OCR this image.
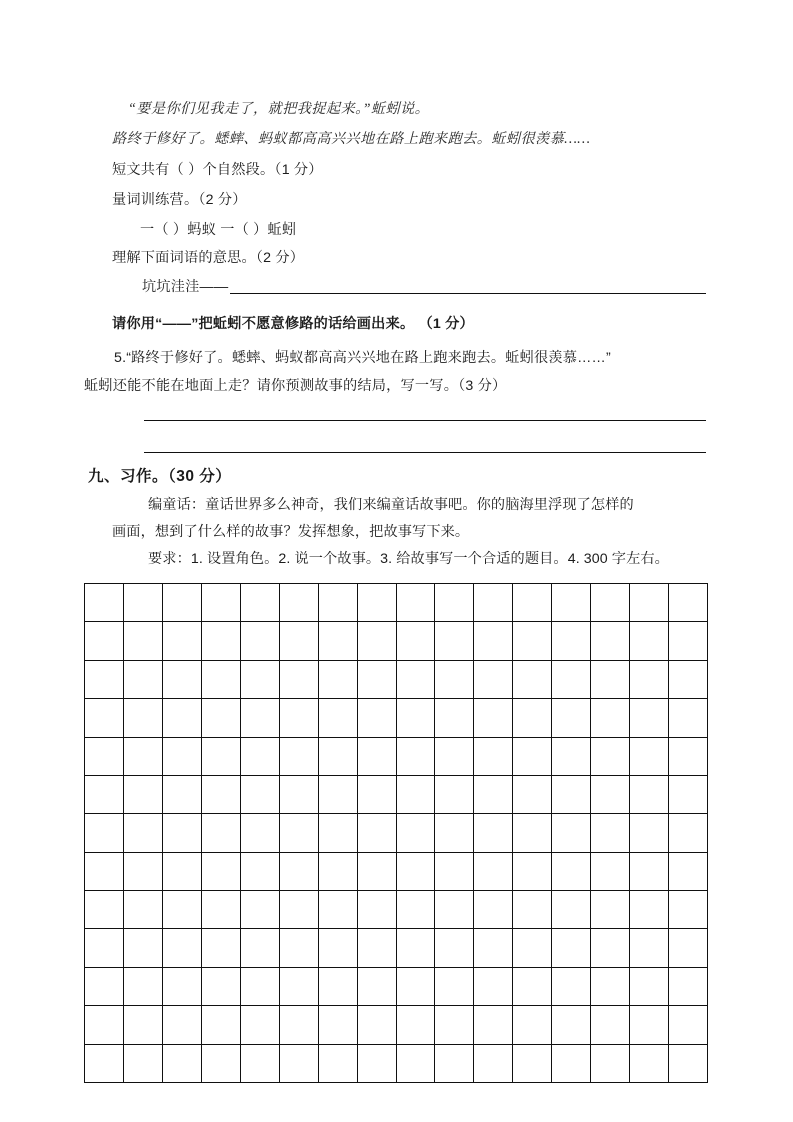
“要是你们见我走了，就把我捉起来。”蚯蚓说。
路终于修好了。蟋蟀、蚂蚁都高高兴兴地在路上跑来跑去。蚯蚓很羡慕……
短文共有（ ）个自然段。（1 分）
量词训练营。（2 分）
一（ ）蚂蚁 一（ ）蚯蚓
理解下面词语的意思。（2 分）
坑坑洼洼——
请你用“——”把蚯蚓不愿意修路的话给画出来。 （1 分）
5.“路终于修好了。蟋蟀、蚂蚁都高高兴兴地在路上跑来跑去。蚯蚓很羡慕……”
蚯蚓还能不能在地面上走？请你预测故事的结局，写一写。（3 分）
九、习作。（30 分）
编童话：童话世界多么神奇，我们来编童话故事吧。你的脑海里浮现了怎样的
画面，想到了什么样的故事？发挥想象，把故事写下来。
要求：1. 设置角色。2. 说一个故事。3. 给故事写一个合适的题目。4. 300 字左右。
